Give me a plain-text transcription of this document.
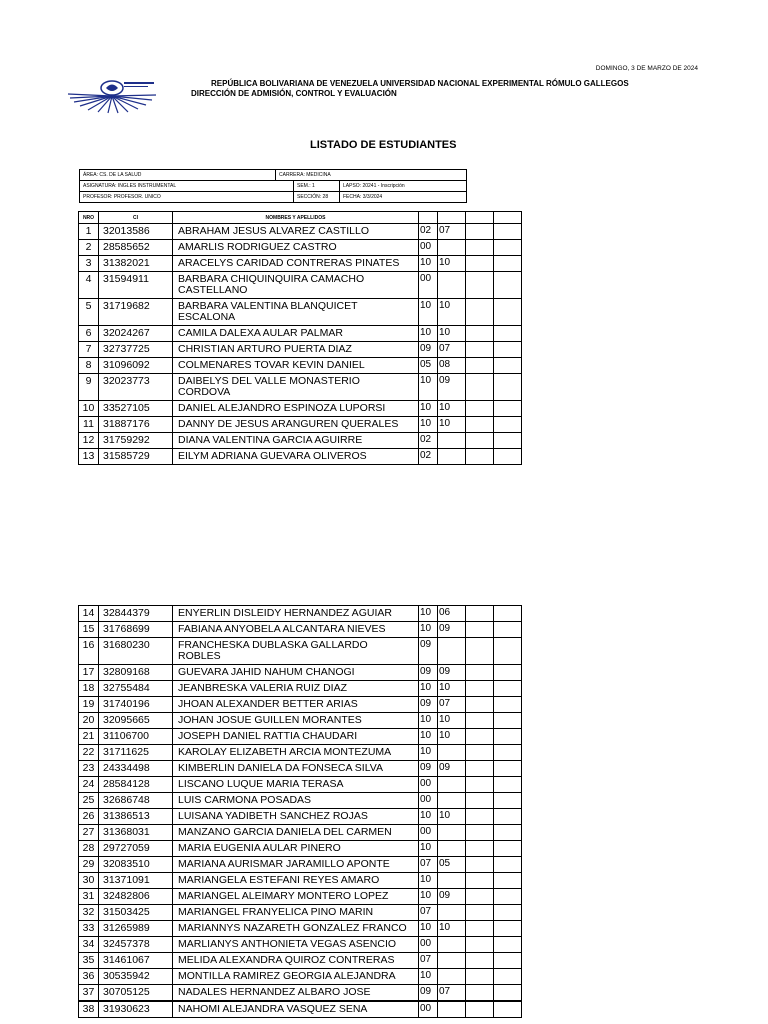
DOMINGO, 3 DE MARZO DE 2024
REPÚBLICA BOLIVARIANA DE VENEZUELA UNIVERSIDAD NACIONAL EXPERIMENTAL RÓMULO GALLEGOS
DIRECCIÓN DE ADMISIÓN, CONTROL Y EVALUACIÓN
LISTADO DE ESTUDIANTES
ÁREA: CS. DE LA SALUD	CARRERA: MEDICINA		
ASIGNATURA: INGLES INSTRUMENTAL		SEM.: 1	LAPSO: 20241 - Inscripción
PROFESOR: PROFESOR. UNICO		SECCIÓN: 28	FECHA: 3/3/2024
NRO	CI	NOMBRES Y APELLIDOS				
1	32013586	ABRAHAM JESUS ALVAREZ CASTILLO	02	07		
2	28585652	AMARLIS RODRIGUEZ CASTRO	00			
3	31382021	ARACELYS CARIDAD CONTRERAS PINATES	10	10		
4	31594911	BARBARA CHIQUINQUIRA CAMACHO CASTELLANO	00			
5	31719682	BARBARA VALENTINA BLANQUICET ESCALONA	10	10		
6	32024267	CAMILA DALEXA AULAR PALMAR	10	10		
7	32737725	CHRISTIAN ARTURO PUERTA DIAZ	09	07		
8	31096092	COLMENARES TOVAR KEVIN DANIEL	05	08		
9	32023773	DAIBELYS DEL VALLE MONASTERIO CORDOVA	10	09		
10	33527105	DANIEL ALEJANDRO ESPINOZA LUPORSI	10	10		
11	31887176	DANNY DE JESUS ARANGUREN QUERALES	10	10		
12	31759292	DIANA VALENTINA GARCIA AGUIRRE	02			
13	31585729	EILYM ADRIANA GUEVARA OLIVEROS	02			
14	32844379	ENYERLIN DISLEIDY HERNANDEZ AGUIAR	10	06		
15	31768699	FABIANA ANYOBELA ALCANTARA NIEVES	10	09		
16	31680230	FRANCHESKA DUBLASKA GALLARDO ROBLES	09			
17	32809168	GUEVARA JAHID NAHUM CHANOGI	09	09		
18	32755484	JEANBRESKA VALERIA RUIZ DIAZ	10	10		
19	31740196	JHOAN ALEXANDER BETTER ARIAS	09	07		
20	32095665	JOHAN JOSUE GUILLEN MORANTES	10	10		
21	31106700	JOSEPH DANIEL RATTIA CHAUDARI	10	10		
22	31711625	KAROLAY ELIZABETH ARCIA MONTEZUMA	10			
23	24334498	KIMBERLIN DANIELA DA FONSECA SILVA	09	09		
24	28584128	LISCANO LUQUE MARIA TERASA	00			
25	32686748	LUIS CARMONA POSADAS	00			
26	31386513	LUISANA YADIBETH SANCHEZ ROJAS	10	10		
27	31368031	MANZANO GARCIA DANIELA DEL CARMEN	00			
28	29727059	MARIA EUGENIA AULAR PINERO	10			
29	32083510	MARIANA AURISMAR JARAMILLO APONTE	07	05		
30	31371091	MARIANGELA ESTEFANI REYES AMARO	10			
31	32482806	MARIANGEL ALEIMARY MONTERO LOPEZ	10	09		
32	31503425	MARIANGEL FRANYELICA PINO MARIN	07			
33	31265989	MARIANNYS NAZARETH GONZALEZ FRANCO	10	10		
34	32457378	MARLIANYS ANTHONIETA VEGAS ASENCIO	00			
35	31461067	MELIDA ALEXANDRA QUIROZ CONTRERAS	07			
36	30535942	MONTILLA RAMIREZ GEORGIA ALEJANDRA	10			
37	30705125	NADALES HERNANDEZ ALBARO JOSE	09	07		
38	31930623	NAHOMI ALEJANDRA VASQUEZ SENA	00			
